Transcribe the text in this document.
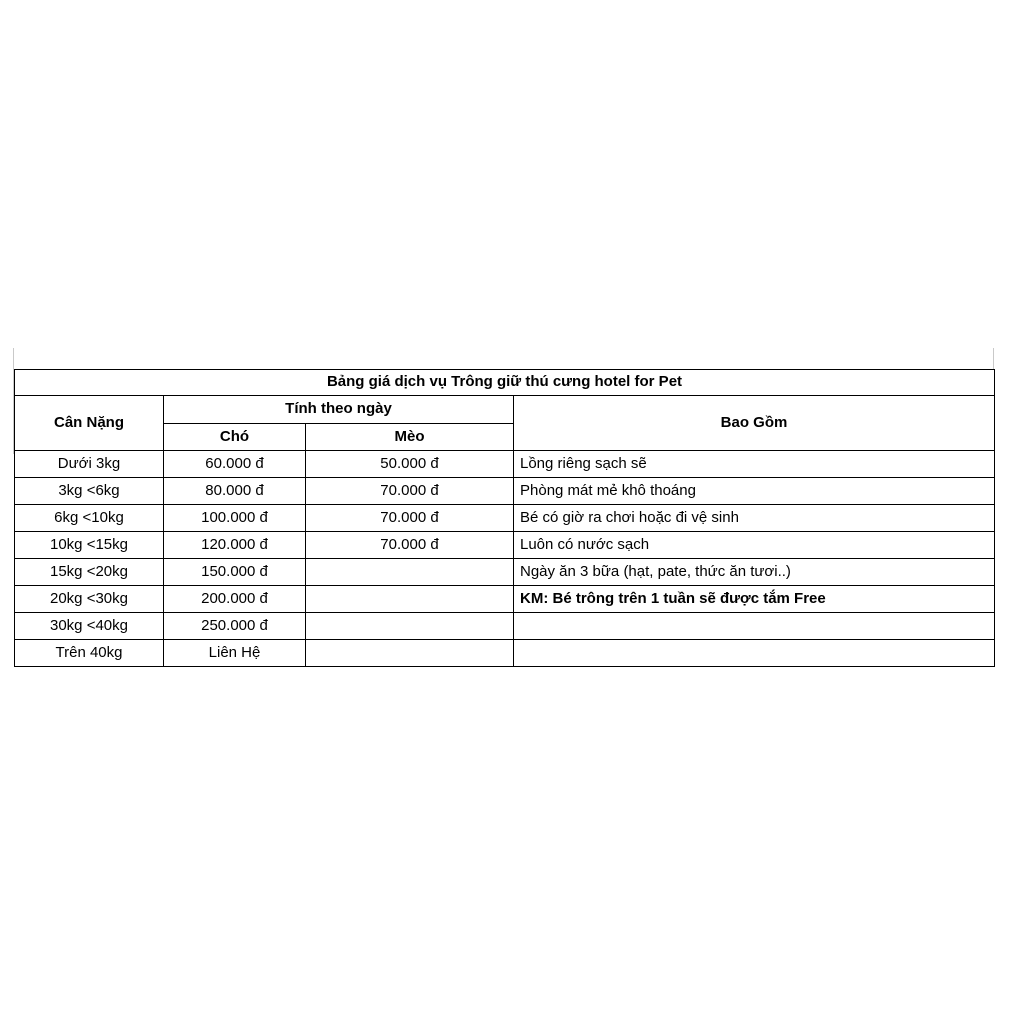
Bảng giá dịch vụ Trông giữ thú cưng hotel for Pet			
Cân Nặng	Tính theo ngày		Bao Gồm
	Chó	Mèo	
Dưới 3kg	60.000 đ	50.000 đ	Lồng riêng sạch sẽ
3kg <6kg	80.000 đ	70.000 đ	Phòng mát mẻ khô thoáng
6kg <10kg	100.000 đ	70.000 đ	Bé có giờ ra chơi hoặc đi vệ sinh
10kg <15kg	120.000 đ	70.000 đ	Luôn có nước sạch
15kg <20kg	150.000 đ		Ngày ăn 3 bữa (hạt, pate, thức ăn tươi..)
20kg <30kg	200.000 đ		KM: Bé trông trên 1 tuần sẽ được tắm Free
30kg <40kg	250.000 đ		
Trên 40kg	Liên Hệ		
